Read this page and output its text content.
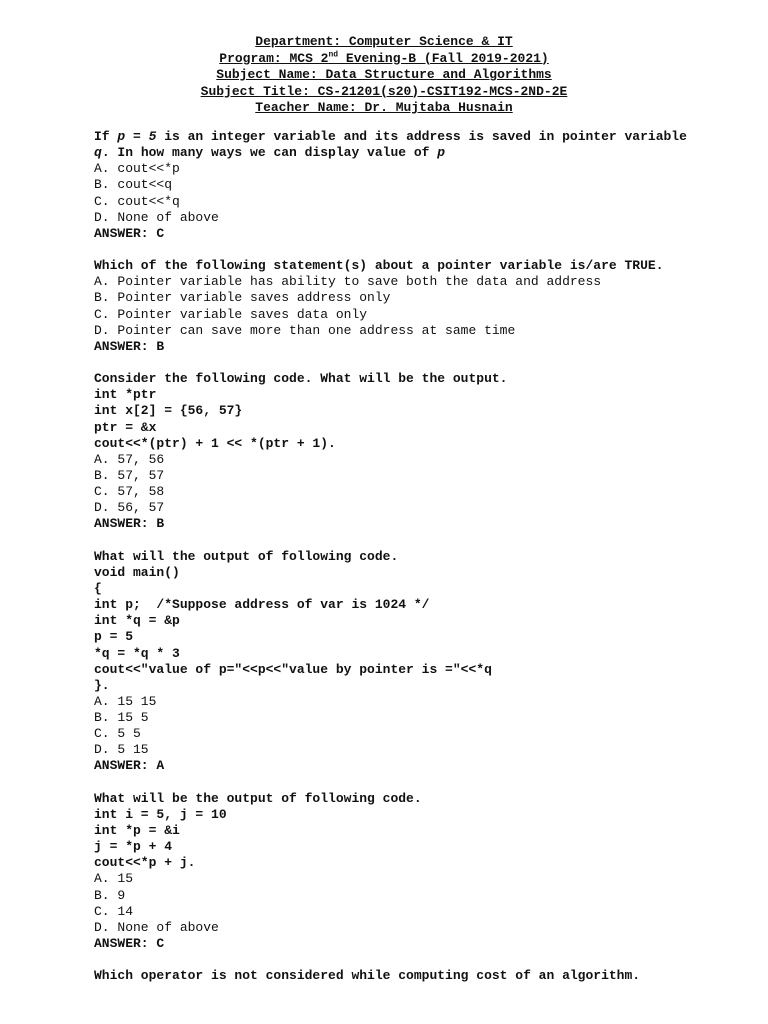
Department: Computer Science & IT
Program: MCS 2nd Evening-B (Fall 2019-2021)
Subject Name: Data Structure and Algorithms
Subject Title: CS-21201(s20)-CSIT192-MCS-2ND-2E
Teacher Name: Dr. Mujtaba Husnain
If p = 5 is an integer variable and its address is saved in pointer variable
q. In how many ways we can display value of p
A. cout<<*p
B. cout<<q
C. cout<<*q
D. None of above
ANSWER: C
Which of the following statement(s) about a pointer variable is/are TRUE.
A. Pointer variable has ability to save both the data and address
B. Pointer variable saves address only
C. Pointer variable saves data only
D. Pointer can save more than one address at same time
ANSWER: B
Consider the following code. What will be the output.
int *ptr
int x[2] = {56, 57}
ptr = &x
cout<<*(ptr) + 1 << *(ptr + 1).
A. 57, 56
B. 57, 57
C. 57, 58
D. 56, 57
ANSWER: B
What will the output of following code.
void main()
{
int p;  /*Suppose address of var is 1024 */
int *q = &p
p = 5
*q = *q * 3
cout<<"value of p="<<p<<"value by pointer is ="<<*q
}.
A. 15 15
B. 15 5
C. 5 5
D. 5 15
ANSWER: A
What will be the output of following code.
int i = 5, j = 10
int *p = &i
j = *p + 4
cout<<*p + j.
A. 15
B. 9
C. 14
D. None of above
ANSWER: C
Which operator is not considered while computing cost of an algorithm.
